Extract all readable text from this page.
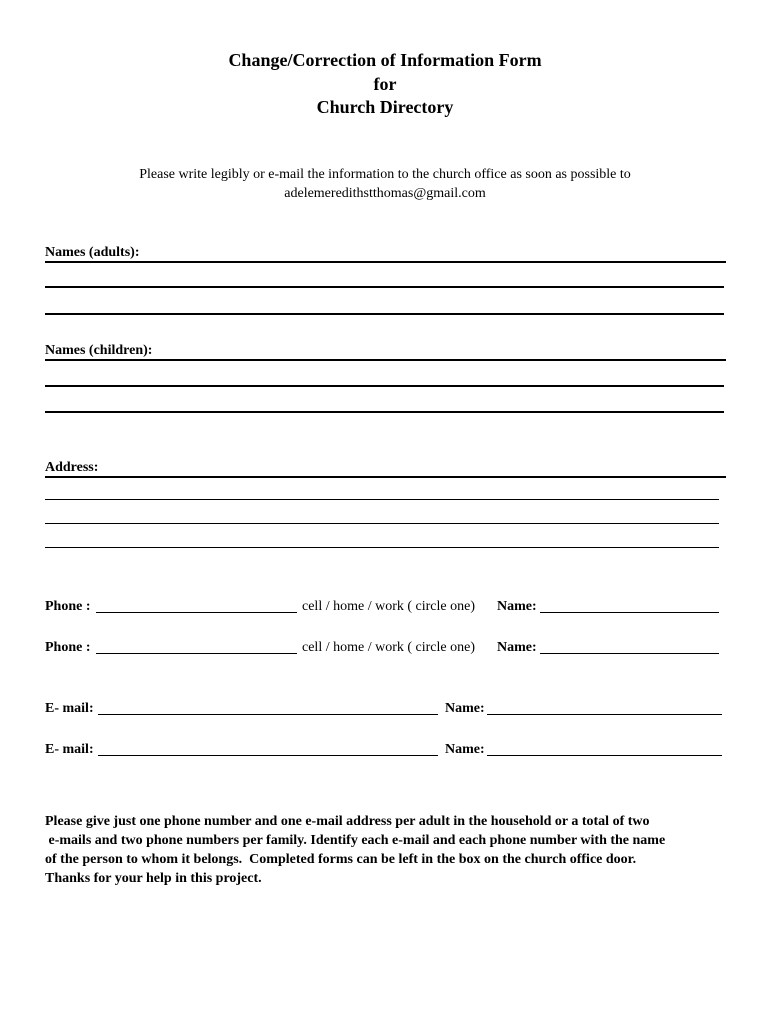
Change/Correction of Information Form
for
Church Directory
Please write legibly or e-mail the information to the church office as soon as possible to
adelemeredithstthomas@gmail.com
Names (adults):
Names (children):
Address:
Phone :	cell / home / work ( circle one) Name:
Phone :	cell / home / work ( circle one) Name:
E- mail:	Name:
E- mail:	Name:
Please give just one phone number and one e-mail address per adult in the household or a total of two
e-mails and two phone numbers per family. Identify each e-mail and each phone number with the name
of the person to whom it belongs.  Completed forms can be left in the box on the church office door.
Thanks for your help in this project.
